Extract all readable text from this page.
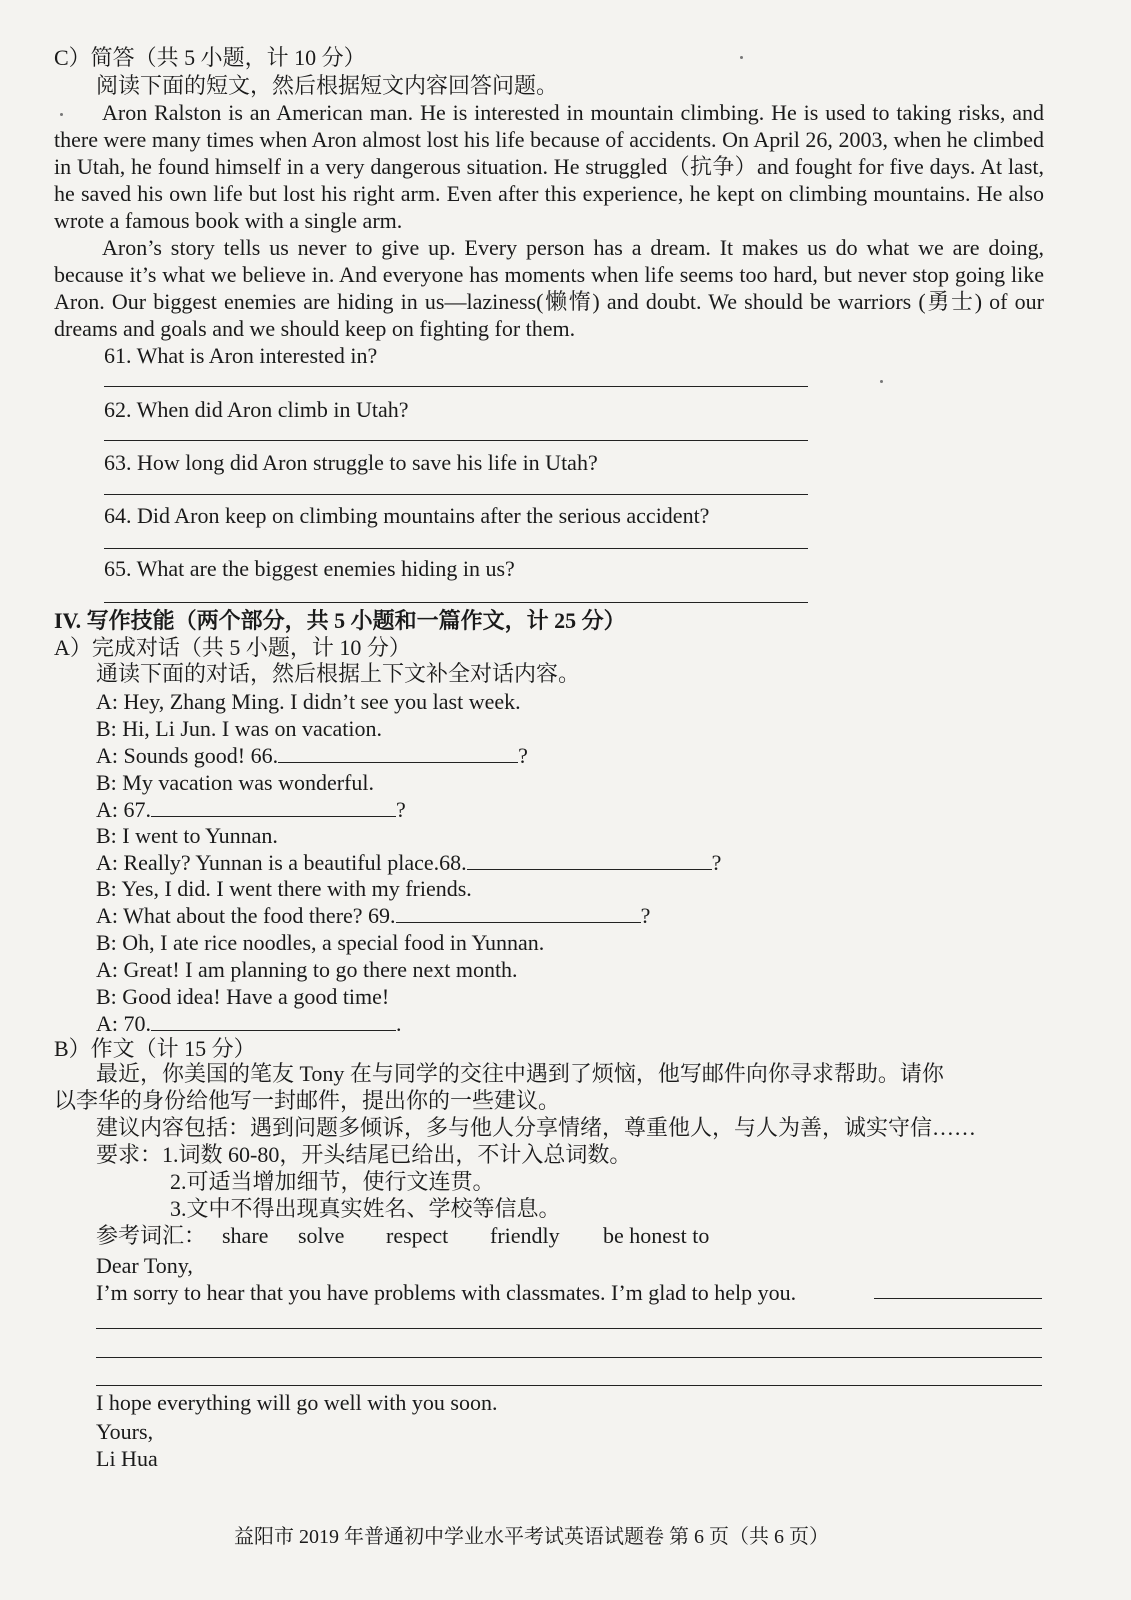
C）简答（共 5 小题，计 10 分）
阅读下面的短文，然后根据短文内容回答问题。
Aron Ralston is an American man. He is interested in mountain climbing. He is used to taking risks, and there were many times when Aron almost lost his life because of accidents. On April 26, 2003, when he climbed in Utah, he found himself in a very dangerous situation. He struggled（抗争）and fought for five days. At last, he saved his own life but lost his right arm. Even after this experience, he kept on climbing mountains. He also wrote a famous book with a single arm.
Aron’s story tells us never to give up. Every person has a dream. It makes us do what we are doing, because it’s what we believe in. And everyone has moments when life seems too hard, but never stop going like Aron. Our biggest enemies are hiding in us—laziness(懒惰) and doubt. We should be warriors (勇士) of our dreams and goals and we should keep on fighting for them.
61. What is Aron interested in?
62. When did Aron climb in Utah?
63. How long did Aron struggle to save his life in Utah?
64. Did Aron keep on climbing mountains after the serious accident?
65. What are the biggest enemies hiding in us?
IV. 写作技能（两个部分，共 5 小题和一篇作文，计 25 分）
A）完成对话（共 5 小题，计 10 分）
通读下面的对话，然后根据上下文补全对话内容。
A: Hey, Zhang Ming. I didn’t see you last week.
B: Hi, Li Jun. I was on vacation.
A: Sounds good! 66.	?
B: My vacation was wonderful.
A: 67.	?
B: I went to Yunnan.
A: Really? Yunnan is a beautiful place.68.	?
B: Yes, I did. I went there with my friends.
A: What about the food there? 69.	?
B: Oh, I ate rice noodles, a special food in Yunnan.
A: Great! I am planning to go there next month.
B: Good idea! Have a good time!
A: 70.	.
B）作文（计 15 分）
最近，你美国的笔友 Tony 在与同学的交往中遇到了烦恼，他写邮件向你寻求帮助。请你
以李华的身份给他写一封邮件，提出你的一些建议。
建议内容包括：遇到问题多倾诉，多与他人分享情绪，尊重他人，与人为善，诚实守信……
要求：1.词数 60-80，开头结尾已给出，不计入总词数。
2.可适当增加细节，使行文连贯。
3.文中不得出现真实姓名、学校等信息。
参考词汇： share solve respect friendly be honest to
Dear Tony,
I’m sorry to hear that you have problems with classmates. I’m glad to help you.
I hope everything will go well with you soon.
Yours,
Li Hua
益阳市 2019 年普通初中学业水平考试英语试题卷 第 6 页（共 6 页）
